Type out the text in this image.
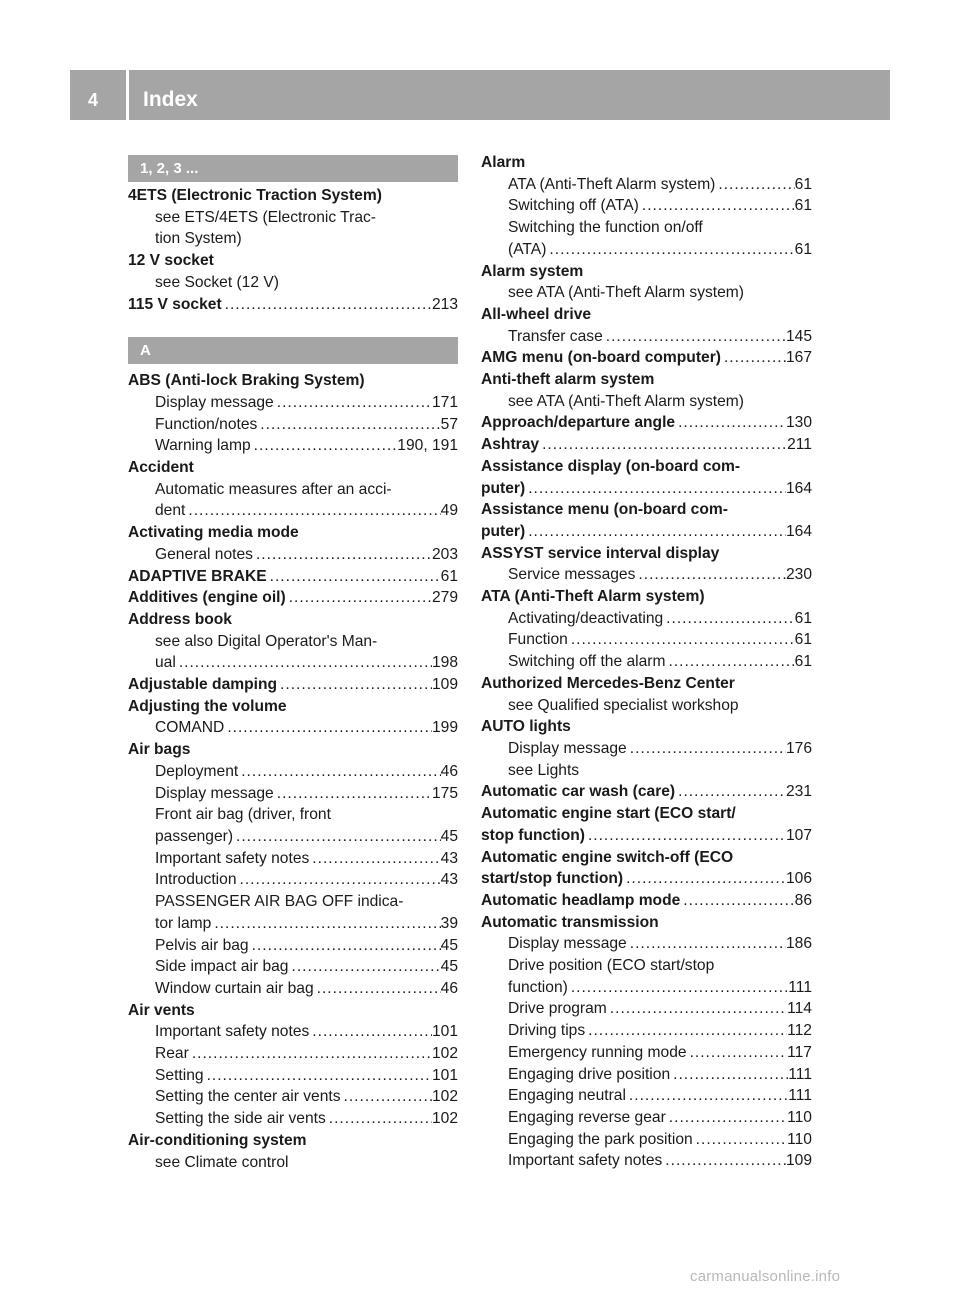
4 Index
1, 2, 3 ...
4ETS (Electronic Traction System)
see ETS/4ETS (Electronic Trac-
tion System)
12 V socket
see Socket (12 V)
115 V socket .....	213
A
ABS (Anti-lock Braking System)
Display message .....	171
Function/notes .....	57
Warning lamp .....	190, 191
Accident
Automatic measures after an acci-
dent .....	49
Activating media mode
General notes .....	203
ADAPTIVE BRAKE .....	61
Additives (engine oil) .....	279
Address book
see also Digital Operator's Man-
ual .....	198
Adjustable damping .....	109
Adjusting the volume
COMAND .....	199
Air bags
Deployment .....	46
Display message .....	175
Front air bag (driver, front
passenger) .....	45
Important safety notes .....	43
Introduction .....	43
PASSENGER AIR BAG OFF indica-
tor lamp .....	39
Pelvis air bag .....	45
Side impact air bag .....	45
Window curtain air bag .....	46
Air vents
Important safety notes .....	101
Rear .....	102
Setting .....	101
Setting the center air vents .....	102
Setting the side air vents .....	102
Air-conditioning system
see Climate control
Alarm
ATA (Anti-Theft Alarm system) .....	61
Switching off (ATA) .....	61
Switching the function on/off
(ATA) .....	61
Alarm system
see ATA (Anti-Theft Alarm system)
All-wheel drive
Transfer case .....	145
AMG menu (on-board computer) .....	167
Anti-theft alarm system
see ATA (Anti-Theft Alarm system)
Approach/departure angle .....	130
Ashtray .....	211
Assistance display (on-board com-
puter) .....	164
Assistance menu (on-board com-
puter) .....	164
ASSYST service interval display
Service messages .....	230
ATA (Anti-Theft Alarm system)
Activating/deactivating .....	61
Function .....	61
Switching off the alarm .....	61
Authorized Mercedes-Benz Center
see Qualified specialist workshop
AUTO lights
Display message .....	176
see Lights
Automatic car wash (care) .....	231
Automatic engine start (ECO start/
stop function) .....	107
Automatic engine switch-off (ECO
start/stop function) .....	106
Automatic headlamp mode .....	86
Automatic transmission
Display message .....	186
Drive position (ECO start/stop
function) .....	111
Drive program .....	114
Driving tips .....	112
Emergency running mode .....	117
Engaging drive position .....	111
Engaging neutral .....	111
Engaging reverse gear .....	110
Engaging the park position .....	110
Important safety notes .....	109
carmanualsonline.info
